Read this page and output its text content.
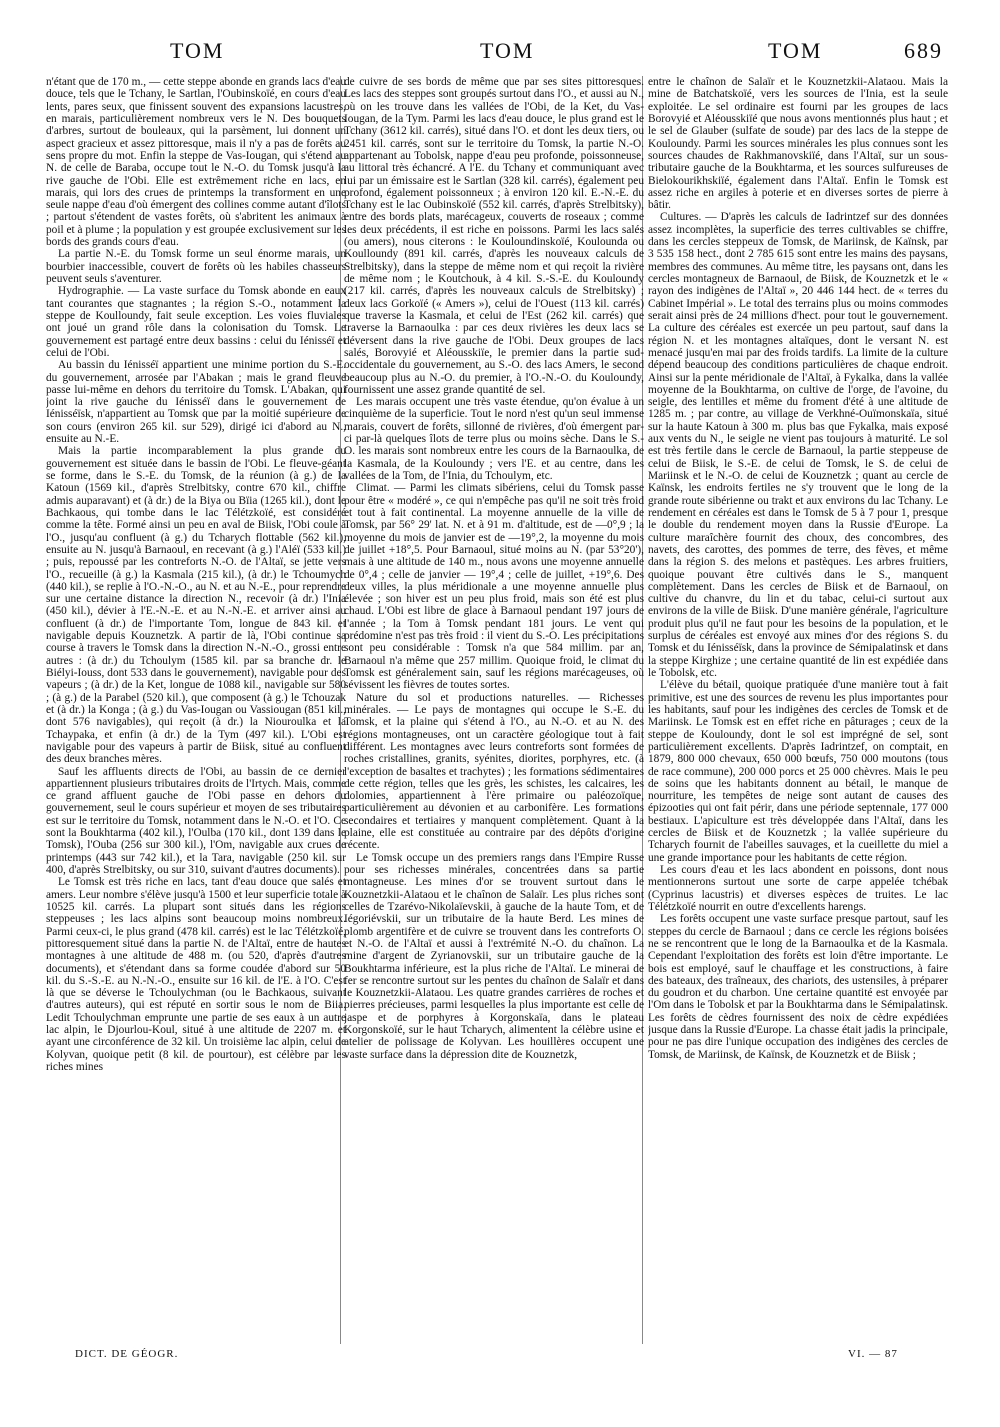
TOM	TOM	TOM	689

n'étant que de 170 m., — cette steppe abonde en grands lacs d'eau douce, tels que le Tchany, le Sartlan, l'Oubinskoïé, en cours d'eau lents, pares seux, que finissent souvent des expansions lacustres, en marais, particulièrement nombreux vers le N. Des bouquets d'arbres, surtout de bouleaux, qui la parsèment, lui donnent un aspect gracieux et assez pittoresque, mais il n'y a pas de forêts au sens propre du mot. Enfin la steppe de Vas-Iougan, qui s'étend au N. de celle de Baraba, occupe tout le N.-O. du Tomsk jusqu'à la rive gauche de l'Obi. Elle est extrêmement riche en lacs, en marais, qui lors des crues de printemps la transforment en une seule nappe d'eau d'où émergent des collines comme autant d'îlots ; partout s'étendent de vastes forêts, où s'abritent les animaux à poil et à plume ; la population y est groupée exclusivement sur les bords des grands cours d'eau.

La partie N.-E. du Tomsk forme un seul énorme marais, un bourbier inaccessible, couvert de forêts où les habiles chasseurs peuvent seuls s'aventurer.

Hydrographie. — La vaste surface du Tomsk abonde en eaux tant courantes que stagnantes ; la région S.-O., notamment la steppe de Koulloundy, fait seule exception. Les voies fluviales ont joué un grand rôle dans la colonisation du Tomsk. Le gouvernement est partagé entre deux bassins : celui du Iénisséï et celui de l'Obi.

Au bassin du Iénisséï appartient une minime portion du S.-E. du gouvernement, arrosée par l'Abakan ; mais le grand fleuve passe lui-même en dehors du territoire du Tomsk. L'Abakan, qui joint la rive gauche du Iénisséï dans le gouvernement de Iénisséïsk, n'appartient au Tomsk que par la moitié supérieure de son cours (environ 265 kil. sur 529), dirigé ici d'abord au N., ensuite au N.-E.

Mais la partie incomparablement la plus grande du gouvernement est située dans le bassin de l'Obi. Le fleuve-géant se forme, dans le S.-E. du Tomsk, de la réunion (à g.) de la Katoun (1569 kil., d'après Strelbitsky, contre 670 kil., chiffre admis auparavant) et (à dr.) de la Biya ou Bïia (1265 kil.), dont le Bachkaous, qui tombe dans le lac Télétzkoïé, est considéré comme la tête. Formé ainsi un peu en aval de Biisk, l'Obi coule à l'O., jusqu'au confluent (à g.) du Tcharych flottable (562 kil.), ensuite au N. jusqu'à Barnaoul, en recevant (à g.) l'Aléï (533 kil.) ; puis, repoussé par les contreforts N.-O. de l'Altaï, se jette vers l'O., recueille (à g.) la Kasmala (215 kil.), (à dr.) le Tchoumych (440 kil.), se replie à l'O.-N.-O., au N. et au N.-E., pour reprendre sur une certaine distance la direction N., recevoir (à dr.) l'Inia (450 kil.), dévier à l'E.-N.-E. et au N.-N.-E. et arriver ainsi au confluent (à dr.) de l'importante Tom, longue de 843 kil. et navigable depuis Kouznetzk. A partir de là, l'Obi continue sa course à travers le Tomsk dans la direction N.-N.-O., grossi entre autres : (à dr.) du Tchoulym (1585 kil. par sa branche dr. le Biélyi-Iouss, dont 533 dans le gouvernement), navigable pour des vapeurs ; (à dr.) de la Ket, longue de 1088 kil., navigable sur 580 ; (à g.) de la Parabel (520 kil.), que composent (à g.) le Tchouzak et (à dr.) la Konga ; (à g.) du Vas-Iougan ou Vassiougan (851 kil., dont 576 navigables), qui reçoit (à dr.) la Niouroulka et la Tchaypaka, et enfin (à dr.) de la Tym (497 kil.). L'Obi est navigable pour des vapeurs à partir de Biisk, situé au confluent des deux branches mères.

Sauf les affluents directs de l'Obi, au bassin de ce dernier appartiennent plusieurs tributaires droits de l'Irtych. Mais, comme ce grand affluent gauche de l'Obi passe en dehors du gouvernement, seul le cours supérieur et moyen de ses tributaires est sur le territoire du Tomsk, notamment dans le N.-O. et l'O. Ce sont la Boukhtarma (402 kil.), l'Oulba (170 kil., dont 139 dans le Tomsk), l'Ouba (256 sur 300 kil.), l'Om, navigable aux crues de printemps (443 sur 742 kil.), et la Tara, navigable (250 kil. sur 400, d'après Strelbitsky, ou sur 310, suivant d'autres documents).

Le Tomsk est très riche en lacs, tant d'eau douce que salés et amers. Leur nombre s'élève jusqu'à 1500 et leur superficie totale à 10525 kil. carrés. La plupart sont situés dans les régions steppeuses ; les lacs alpins sont beaucoup moins nombreux. Parmi ceux-ci, le plus grand (478 kil. carrés) est le lac Télétzkoïé, pittoresquement situé dans la partie N. de l'Altaï, entre de hautes montagnes à une altitude de 488 m. (ou 520, d'après d'autres documents), et s'étendant dans sa forme coudée d'abord sur 50 kil. du S.-S.-E. au N.-N.-O., ensuite sur 16 kil. de l'E. à l'O. C'est là que se déverse le Tchoulychman (ou le Bachkaous, suivant d'autres auteurs), qui est réputé en sortir sous le nom de Biia. Ledit Tchoulychman emprunte une partie de ses eaux à un autre lac alpin, le Djourlou-Koul, situé à une altitude de 2207 m. et ayant une circonférence de 32 kil. Un troisième lac alpin, celui de Kolyvan, quoique petit (8 kil. de pourtour), est célèbre par les riches mines

de cuivre de ses bords de même que par ses sites pittoresques. Les lacs des steppes sont groupés surtout dans l'O., et aussi au N., où on les trouve dans les vallées de l'Obi, de la Ket, du Vas-Iougan, de la Tym. Parmi les lacs d'eau douce, le plus grand est le Tchany (3612 kil. carrés), situé dans l'O. et dont les deux tiers, ou 2451 kil. carrés, sont sur le territoire du Tomsk, la partie N.-O. appartenant au Tobolsk, nappe d'eau peu profonde, poissonneuse, au littoral très échancré. A l'E. du Tchany et communiquant avec lui par un émissaire est le Sartlan (328 kil. carrés), également peu profond, également poissonneux ; à environ 120 kil. E.-N.-E. du Tchany est le lac Oubinskoïé (552 kil. carrés, d'après Strelbitsky), entre des bords plats, marécageux, couverts de roseaux ; comme les deux précédents, il est riche en poissons. Parmi les lacs salés (ou amers), nous citerons : le Kouloundinskoïé, Koulounda ou Koulloundy (891 kil. carrés, d'après les nouveaux calculs de Strelbitsky), dans la steppe de même nom et qui reçoit la rivière de même nom ; le Koutchouk, à 4 kil. S.-S.-E. du Kouloundy (217 kil. carrés, d'après les nouveaux calculs de Strelbitsky) ; deux lacs Gorkoïé (« Amers »), celui de l'Ouest (113 kil. carrés) que traverse la Kasmala, et celui de l'Est (262 kil. carrés) que traverse la Barnaoulka : par ces deux rivières les deux lacs se déversent dans la rive gauche de l'Obi. Deux groupes de lacs salés, Borovyié et Aléousskiïe, le premier dans la partie sud-occidentale du gouvernement, au S.-O. des lacs Amers, le second beaucoup plus au N.-O. du premier, à l'O.-N.-O. du Kouloundy, fournissent une assez grande quantité de sel.

Les marais occupent une très vaste étendue, qu'on évalue à un cinquième de la superficie. Tout le nord n'est qu'un seul immense marais, couvert de forêts, sillonné de rivières, d'où émergent par-ci par-là quelques îlots de terre plus ou moins sèche. Dans le S.-O. les marais sont nombreux entre les cours de la Barnaoulka, de la Kasmala, de la Kouloundy ; vers l'E. et au centre, dans les vallées de la Tom, de l'Inia, du Tchoulym, etc.

Climat. — Parmi les climats sibériens, celui du Tomsk passe pour être « modéré », ce qui n'empêche pas qu'il ne soit très froid et tout à fait continental. La moyenne annuelle de la ville de Tomsk, par 56° 29' lat. N. et à 91 m. d'altitude, est de —0°,9 ; la moyenne du mois de janvier est de —19°,2, la moyenne du mois de juillet +18°,5. Pour Barnaoul, situé moins au N. (par 53°20'), mais à une altitude de 140 m., nous avons une moyenne annuelle de 0°,4 ; celle de janvier — 19°,4 ; celle de juillet, +19°,6. Des deux villes, la plus méridionale a une moyenne annuelle plus élevée ; son hiver est un peu plus froid, mais son été est plus chaud. L'Obi est libre de glace à Barnaoul pendant 197 jours de l'année ; la Tom à Tomsk pendant 181 jours. Le vent qui prédomine n'est pas très froid : il vient du S.-O. Les précipitations sont peu considérable : Tomsk n'a que 584 millim. par an, Barnaoul n'a même que 257 millim. Quoique froid, le climat du Tomsk est généralement sain, sauf les régions marécageuses, où sévissent les fièvres de toutes sortes.

Nature du sol et productions naturelles. — Richesses minérales. — Le pays de montagnes qui occupe le S.-E. du Tomsk, et la plaine qui s'étend à l'O., au N.-O. et au N. des régions montagneuses, ont un caractère géologique tout à fait différent. Les montagnes avec leurs contreforts sont formées de roches cristallines, granits, syénites, diorites, porphyres, etc. (à l'exception de basaltes et trachytes) ; les formations sédimentaires de cette région, telles que les grès, les schistes, les calcaires, les dolomies, appartiennent à l'ère primaire ou paléozoïque, particulièrement au dévonien et au carbonifère. Les formations secondaires et tertiaires y manquent complètement. Quant à la plaine, elle est constituée au contraire par des dépôts d'origine récente.

Le Tomsk occupe un des premiers rangs dans l'Empire Russe pour ses richesses minérales, concentrées dans sa partie montagneuse. Les mines d'or se trouvent surtout dans le Kouznetzkii-Alataou et le chaînon de Salaïr. Les plus riches sont celles de Tzarévo-Nikolaïevskii, à gauche de la haute Tom, et de Iégoriévskii, sur un tributaire de la haute Berd. Les mines de plomb argentifère et de cuivre se trouvent dans les contreforts O. et N.-O. de l'Altaï et aussi à l'extrémité N.-O. du chaînon. La mine d'argent de Zyrianovskii, sur un tributaire gauche de la Boukhtarma inférieure, est la plus riche de l'Altaï. Le minerai de fer se rencontre surtout sur les pentes du chaînon de Salaïr et dans le Kouznetzkii-Alataou. Les quatre grandes carrières de roches et pierres précieuses, parmi lesquelles la plus importante est celle de jaspe et de porphyres à Korgonskaïa, dans le plateau Korgonskoïé, sur le haut Tcharych, alimentent la célèbre usine et atelier de polissage de Kolyvan. Les houillères occupent une vaste surface dans la dépression dite de Kouznetzk,

entre le chaînon de Salaïr et le Kouznetzkii-Alataou. Mais la mine de Batchatskoïé, vers les sources de l'Inia, est la seule exploitée. Le sel ordinaire est fourni par les groupes de lacs Borovyié et Aléousskiïé que nous avons mentionnés plus haut ; et le sel de Glauber (sulfate de soude) par des lacs de la steppe de Kouloundy. Parmi les sources minérales les plus connues sont les sources chaudes de Rakhmanovskiïé, dans l'Altaï, sur un sous-tributaire gauche de la Boukhtarma, et les sources sulfureuses de Bielokourikhskiïé, également dans l'Altaï. Enfin le Tomsk est assez riche en argiles à poterie et en diverses sortes de pierre à bâtir.

Cultures. — D'après les calculs de Iadrintzef sur des données assez incomplètes, la superficie des terres cultivables se chiffre, dans les cercles steppeux de Tomsk, de Mariinsk, de Kaïnsk, par 3 535 158 hect., dont 2 785 615 sont entre les mains des paysans, membres des communes. Au même titre, les paysans ont, dans les cercles montagneux de Barnaoul, de Biisk, de Kouznetzk et le « rayon des indigènes de l'Altaï », 20 446 144 hect. de « terres du Cabinet Impérial ». Le total des terrains plus ou moins commodes serait ainsi près de 24 millions d'hect. pour tout le gouvernement. La culture des céréales est exercée un peu partout, sauf dans la région N. et les montagnes altaïques, dont le versant N. est menacé jusqu'en mai par des froids tardifs. La limite de la culture dépend beaucoup des conditions particulières de chaque endroit. Ainsi sur la pente méridionale de l'Altaï, à Fykalka, dans la vallée moyenne de la Boukhtarma, on cultive de l'orge, de l'avoine, du seigle, des lentilles et même du froment d'été à une altitude de 1285 m. ; par contre, au village de Verkhné-Ouïmonskaïa, situé sur la haute Katoun à 300 m. plus bas que Fykalka, mais exposé aux vents du N., le seigle ne vient pas toujours à maturité. Le sol est très fertile dans le cercle de Barnaoul, la partie steppeuse de celui de Biisk, le S.-E. de celui de Tomsk, le S. de celui de Mariinsk et le N.-O. de celui de Kouznetzk ; quant au cercle de Kaïnsk, les endroits fertiles ne s'y trouvent que le long de la grande route sibérienne ou trakt et aux environs du lac Tchany. Le rendement en céréales est dans le Tomsk de 5 à 7 pour 1, presque le double du rendement moyen dans la Russie d'Europe. La culture maraîchère fournit des choux, des concombres, des navets, des carottes, des pommes de terre, des fèves, et même dans la région S. des melons et pastèques. Les arbres fruitiers, quoique pouvant être cultivés dans le S., manquent complètement. Dans les cercles de Biisk et de Barnaoul, on cultive du chanvre, du lin et du tabac, celui-ci surtout aux environs de la ville de Biisk. D'une manière générale, l'agriculture produit plus qu'il ne faut pour les besoins de la population, et le surplus de céréales est envoyé aux mines d'or des régions S. du Tomsk et du Iénisséïsk, dans la province de Sémipalatinsk et dans la steppe Kirghize ; une certaine quantité de lin est expédiée dans le Tobolsk, etc.

L'élève du bétail, quoique pratiquée d'une manière tout à fait primitive, est une des sources de revenu les plus importantes pour les habitants, sauf pour les indigènes des cercles de Tomsk et de Mariinsk. Le Tomsk est en effet riche en pâturages ; ceux de la steppe de Kouloundy, dont le sol est imprégné de sel, sont particulièrement excellents. D'après Iadrintzef, on comptait, en 1879, 800 000 chevaux, 650 000 bœufs, 750 000 moutons (tous de race commune), 200 000 porcs et 25 000 chèvres. Mais le peu de soins que les habitants donnent au bétail, le manque de nourriture, les tempêtes de neige sont autant de causes des épizooties qui ont fait périr, dans une période septennale, 177 000 bestiaux. L'apiculture est très développée dans l'Altaï, dans les cercles de Biisk et de Kouznetzk ; la vallée supérieure du Tcharych fournit de l'abeilles sauvages, et la cueillette du miel a une grande importance pour les habitants de cette région.

Les cours d'eau et les lacs abondent en poissons, dont nous mentionnerons surtout une sorte de carpe appelée tchébak (Cyprinus lacustris) et diverses espèces de truites. Le lac Télétzkoïé nourrit en outre d'excellents harengs.

Les forêts occupent une vaste surface presque partout, sauf les steppes du cercle de Barnaoul ; dans ce cercle les régions boisées ne se rencontrent que le long de la Barnaoulka et de la Kasmala. Cependant l'exploitation des forêts est loin d'être importante. Le bois est employé, sauf le chauffage et les constructions, à faire des bateaux, des traîneaux, des chariots, des ustensiles, à préparer du goudron et du charbon. Une certaine quantité est envoyée par l'Om dans le Tobolsk et par la Boukhtarma dans le Sémipalatinsk. Les forêts de cèdres fournissent des noix de cèdre expédiées jusque dans la Russie d'Europe. La chasse était jadis la principale, pour ne pas dire l'unique occupation des indigènes des cercles de Tomsk, de Mariinsk, de Kaïnsk, de Kouznetzk et de Biisk ;

DICT. DE GÉOGR.	VI. — 87
